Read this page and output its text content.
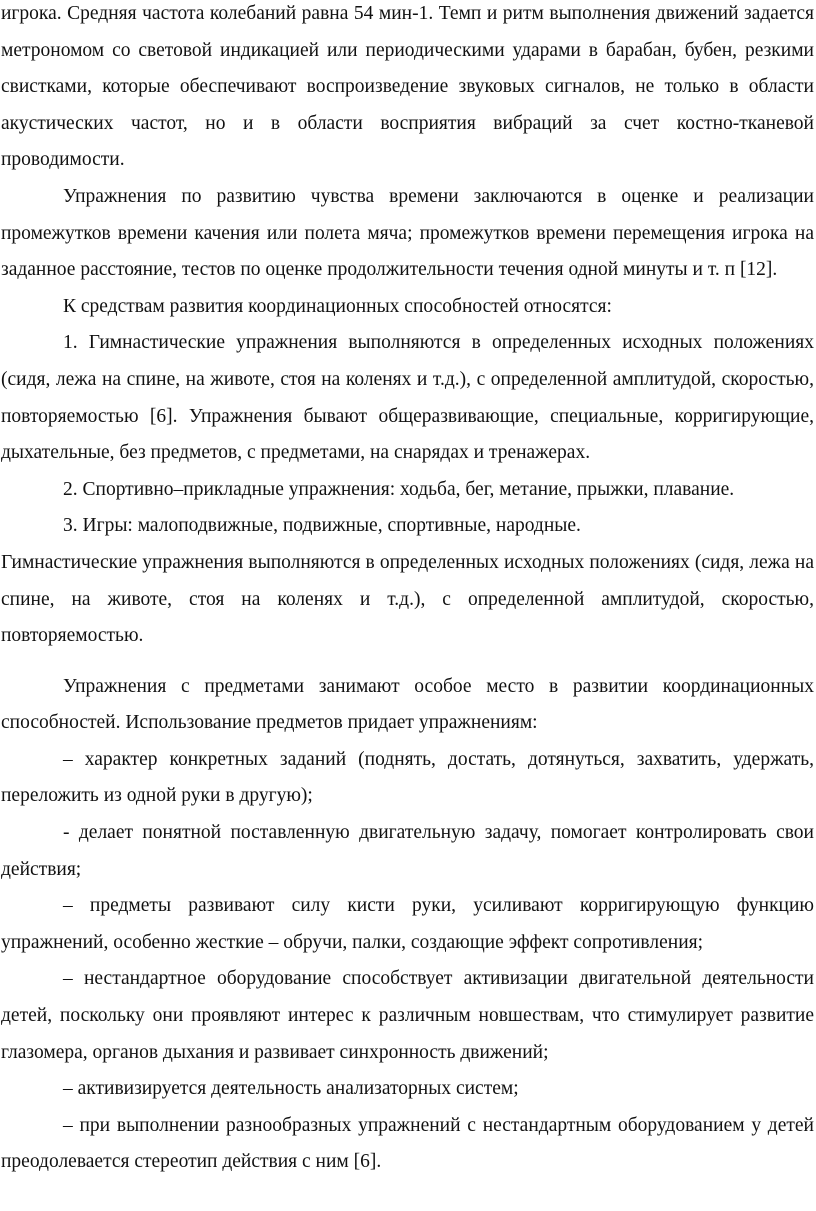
игрока. Средняя частота колебаний равна 54 мин-1. Темп и ритм выполнения движений задается метрономом со световой индикацией или периодическими ударами в барабан, бубен, резкими свистками, которые обеспечивают воспроизведение звуковых сигналов, не только в области акустических частот, но и в области восприятия вибраций за счет костно-тканевой проводимости.

Упражнения по развитию чувства времени заключаются в оценке и реализации промежутков времени качения или полета мяча; промежутков времени перемещения игрока на заданное расстояние, тестов по оценке продолжительности течения одной минуты и т. п [12].

К средствам развития координационных способностей относятся:

1. Гимнастические упражнения выполняются в определенных исходных положениях (сидя, лежа на спине, на животе, стоя на коленях и т.д.), с определенной амплитудой, скоростью, повторяемостью [6]. Упражнения бывают общеразвивающие, специальные, корригирующие, дыхательные, без предметов, с предметами, на снарядах и тренажерах.

2. Спортивно–прикладные упражнения: ходьба, бег, метание, прыжки, плавание.

3. Игры: малоподвижные, подвижные, спортивные, народные.

Гимнастические упражнения выполняются в определенных исходных положениях (сидя, лежа на спине, на животе, стоя на коленях и т.д.), с определенной амплитудой, скоростью, повторяемостью.

Упражнения с предметами занимают особое место в развитии координационных способностей. Использование предметов придает упражнениям:

– характер конкретных заданий (поднять, достать, дотянуться, захватить, удержать, переложить из одной руки в другую);

- делает понятной поставленную двигательную задачу, помогает контролировать свои действия;

– предметы развивают силу кисти руки, усиливают корригирующую функцию упражнений, особенно жесткие – обручи, палки, создающие эффект сопротивления;

– нестандартное оборудование способствует активизации двигательной деятельности детей, поскольку они проявляют интерес к различным новшествам, что стимулирует развитие глазомера, органов дыхания и развивает синхронность движений;

– активизируется деятельность анализаторных систем;

– при выполнении разнообразных упражнений с нестандартным оборудованием у детей преодолевается стереотип действия с ним [6].
